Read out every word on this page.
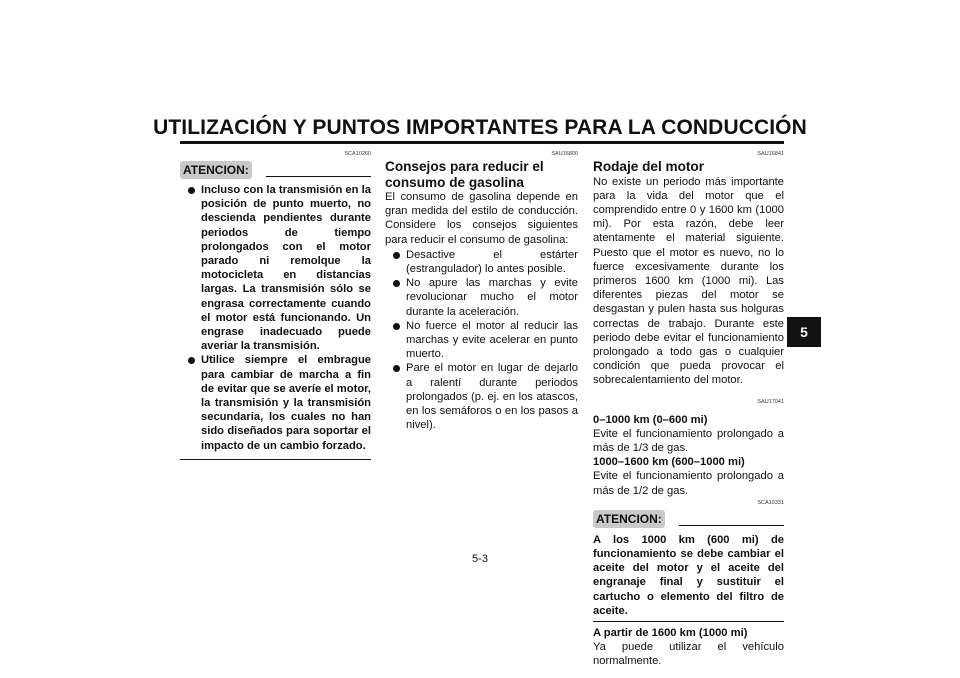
UTILIZACIÓN Y PUNTOS IMPORTANTES PARA LA CONDUCCIÓN
5
SCA10260
ATENCION:
Incluso con la transmisión en la posición de punto muerto, no descienda pendientes durante periodos de tiempo prolongados con el motor parado ni remolque la motocicleta en distancias largas. La transmisión sólo se engrasa correctamente cuando el motor está funcionando. Un engrase inadecuado puede averiar la transmisión.
Utilice siempre el embrague para cambiar de marcha a fin de evitar que se averíe el motor, la transmisión y la transmisión secundaria, los cuales no han sido diseñados para soportar el impacto de un cambio forzado.
SAU16800
Consejos para reducir el consumo de gasolina

El consumo de gasolina depende en gran medida del estilo de conducción. Considere los consejos siguientes para reducir el consumo de gasolina:

Desactive el estárter (estrangulador) lo antes posible.
No apure las marchas y evite revolucionar mucho el motor durante la aceleración.
No fuerce el motor al reducir las marchas y evite acelerar en punto muerto.
Pare el motor en lugar de dejarlo a ralentí durante periodos prolongados (p. ej. en los atascos, en los semáforos o en los pasos a nivel).
SAU16841
Rodaje del motor

No existe un periodo más importante para la vida del motor que el comprendido entre 0 y 1600 km (1000 mi). Por esta razón, debe leer atentamente el material siguiente. Puesto que el motor es nuevo, no lo fuerce excesivamente durante los primeros 1600 km (1000 mi). Las diferentes piezas del motor se desgastan y pulen hasta sus holguras correctas de trabajo. Durante este periodo debe evitar el funcionamiento prolongado a todo gas o cualquier condición que pueda provocar el sobrecalentamiento del motor.

SAU17041
0–1000 km (0–600 mi)

Evite el funcionamiento prolongado a más de 1/3 de gas.

1000–1600 km (600–1000 mi)

Evite el funcionamiento prolongado a más de 1/2 de gas.

SCA10331
ATENCION:

A los 1000 km (600 mi) de funcionamiento se debe cambiar el aceite del motor y el aceite del engranaje final y sustituir el cartucho o elemento del filtro de aceite.

A partir de 1600 km (1000 mi)

Ya puede utilizar el vehículo normalmente.

5-3
